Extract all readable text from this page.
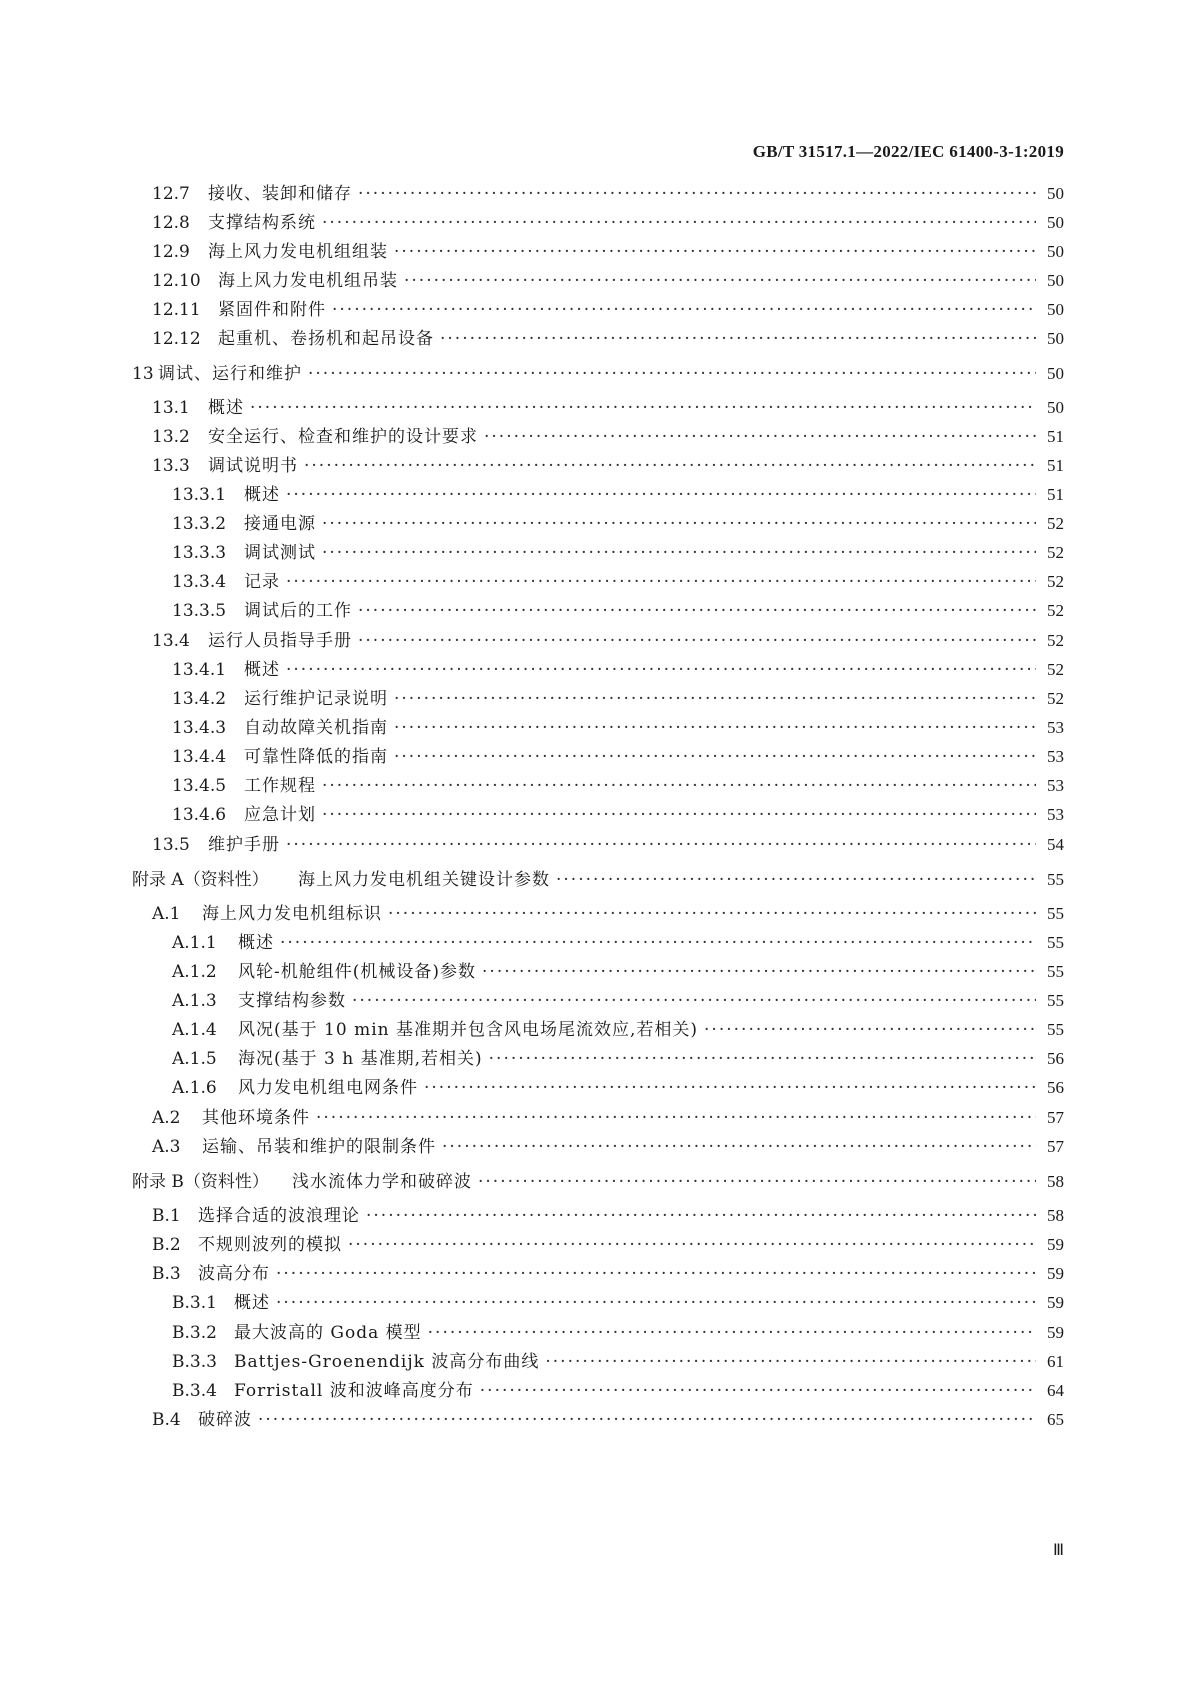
GB/T 31517.1—2022/IEC 61400-3-1:2019
12.7	接收、装卸和储存 ·····	50
12.8	支撑结构系统 ·····	50
12.9	海上风力发电机组组装 ·····	50
12.10	海上风力发电机组吊装 ·····	50
12.11	紧固件和附件 ·····	50
12.12	起重机、卷扬机和起吊设备 ·····	50
13 调试、运行和维护 ·····	50
13.1	概述 ·····	50
13.2	安全运行、检查和维护的设计要求 ·····	51
13.3	调试说明书 ·····	51
13.3.1	概述 ·····	51
13.3.2	接通电源 ·····	52
13.3.3	调试测试 ·····	52
13.3.4	记录 ·····	52
13.3.5	调试后的工作 ·····	52
13.4	运行人员指导手册 ·····	52
13.4.1	概述 ·····	52
13.4.2	运行维护记录说明 ·····	52
13.4.3	自动故障关机指南 ·····	53
13.4.4	可靠性降低的指南 ·····	53
13.4.5	工作规程 ·····	53
13.4.6	应急计划 ·····	53
13.5	维护手册 ·····	54
附录 A（资料性）	海上风力发电机组关键设计参数 ·····	55
A.1	海上风力发电机组标识 ·····	55
A.1.1	概述 ·····	55
A.1.2	风轮-机舱组件(机械设备)参数 ·····	55
A.1.3	支撑结构参数 ·····	55
A.1.4	风况(基于 10 min 基准期并包含风电场尾流效应,若相关) ·····	55
A.1.5	海况(基于 3 h 基准期,若相关) ·····	56
A.1.6	风力发电机组电网条件 ·····	56
A.2	其他环境条件 ·····	57
A.3	运输、吊装和维护的限制条件 ·····	57
附录 B（资料性）	浅水流体力学和破碎波 ·····	58
B.1	选择合适的波浪理论 ·····	58
B.2	不规则波列的模拟 ·····	59
B.3	波高分布 ·····	59
B.3.1	概述 ·····	59
B.3.2	最大波高的 Goda 模型 ·····	59
B.3.3	Battjes-Groenendijk 波高分布曲线 ·····	61
B.3.4	Forristall 波和波峰高度分布 ·····	64
B.4	破碎波 ·····	65
Ⅲ
